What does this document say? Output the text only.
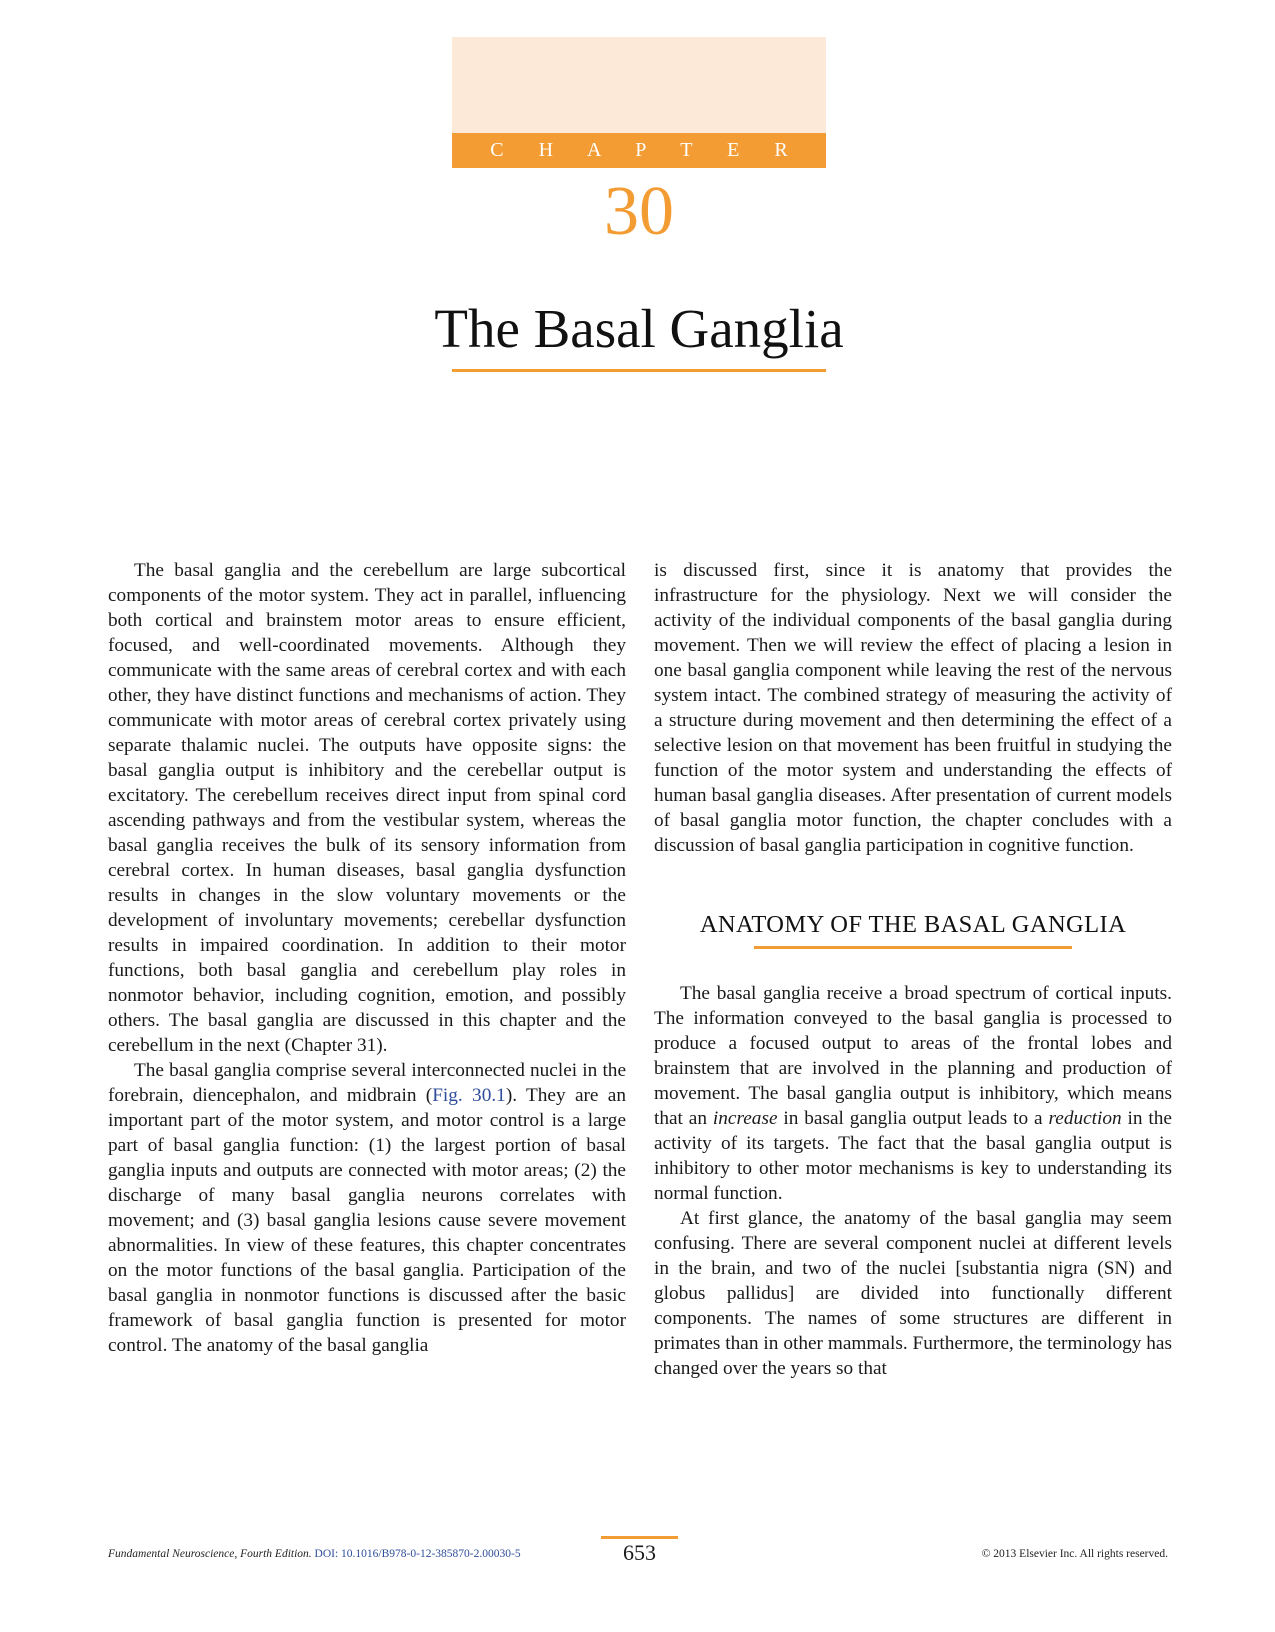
C H A P T E R
30
The Basal Ganglia

The basal ganglia and the cerebellum are large subcortical components of the motor system. They act in parallel, influencing both cortical and brainstem motor areas to ensure efficient, focused, and well-coordinated movements. Although they communicate with the same areas of cerebral cortex and with each other, they have distinct functions and mechanisms of action. They communicate with motor areas of cerebral cortex privately using separate thalamic nuclei. The outputs have opposite signs: the basal ganglia output is inhibitory and the cerebellar output is excitatory. The cerebellum receives direct input from spinal cord ascending pathways and from the vestibular system, whereas the basal ganglia receives the bulk of its sensory information from cerebral cortex. In human diseases, basal ganglia dysfunction results in changes in the slow voluntary movements or the development of involuntary movements; cerebellar dysfunction results in impaired coordination. In addition to their motor functions, both basal ganglia and cerebellum play roles in nonmotor behavior, including cognition, emotion, and possibly others. The basal ganglia are discussed in this chapter and the cerebellum in the next (Chapter 31).

The basal ganglia comprise several interconnected nuclei in the forebrain, diencephalon, and midbrain (Fig. 30.1). They are an important part of the motor system, and motor control is a large part of basal ganglia function: (1) the largest portion of basal ganglia inputs and outputs are connected with motor areas; (2) the discharge of many basal ganglia neurons correlates with movement; and (3) basal ganglia lesions cause severe movement abnormalities. In view of these features, this chapter concentrates on the motor functions of the basal ganglia. Participation of the basal ganglia in nonmotor functions is discussed after the basic framework of basal ganglia function is presented for motor control. The anatomy of the basal ganglia

is discussed first, since it is anatomy that provides the infrastructure for the physiology. Next we will consider the activity of the individual components of the basal ganglia during movement. Then we will review the effect of placing a lesion in one basal ganglia component while leaving the rest of the nervous system intact. The combined strategy of measuring the activity of a structure during movement and then determining the effect of a selective lesion on that movement has been fruitful in studying the function of the motor system and understanding the effects of human basal ganglia diseases. After presentation of current models of basal ganglia motor function, the chapter concludes with a discussion of basal ganglia participation in cognitive function.

ANATOMY OF THE BASAL GANGLIA

The basal ganglia receive a broad spectrum of cortical inputs. The information conveyed to the basal ganglia is processed to produce a focused output to areas of the frontal lobes and brainstem that are involved in the planning and production of movement. The basal ganglia output is inhibitory, which means that an increase in basal ganglia output leads to a reduction in the activity of its targets. The fact that the basal ganglia output is inhibitory to other motor mechanisms is key to understanding its normal function.

At first glance, the anatomy of the basal ganglia may seem confusing. There are several component nuclei at different levels in the brain, and two of the nuclei [substantia nigra (SN) and globus pallidus] are divided into functionally different components. The names of some structures are different in primates than in other mammals. Furthermore, the terminology has changed over the years so that

Fundamental Neuroscience, Fourth Edition. DOI: 10.1016/B978-0-12-385870-2.00030-5	653	© 2013 Elsevier Inc. All rights reserved.
